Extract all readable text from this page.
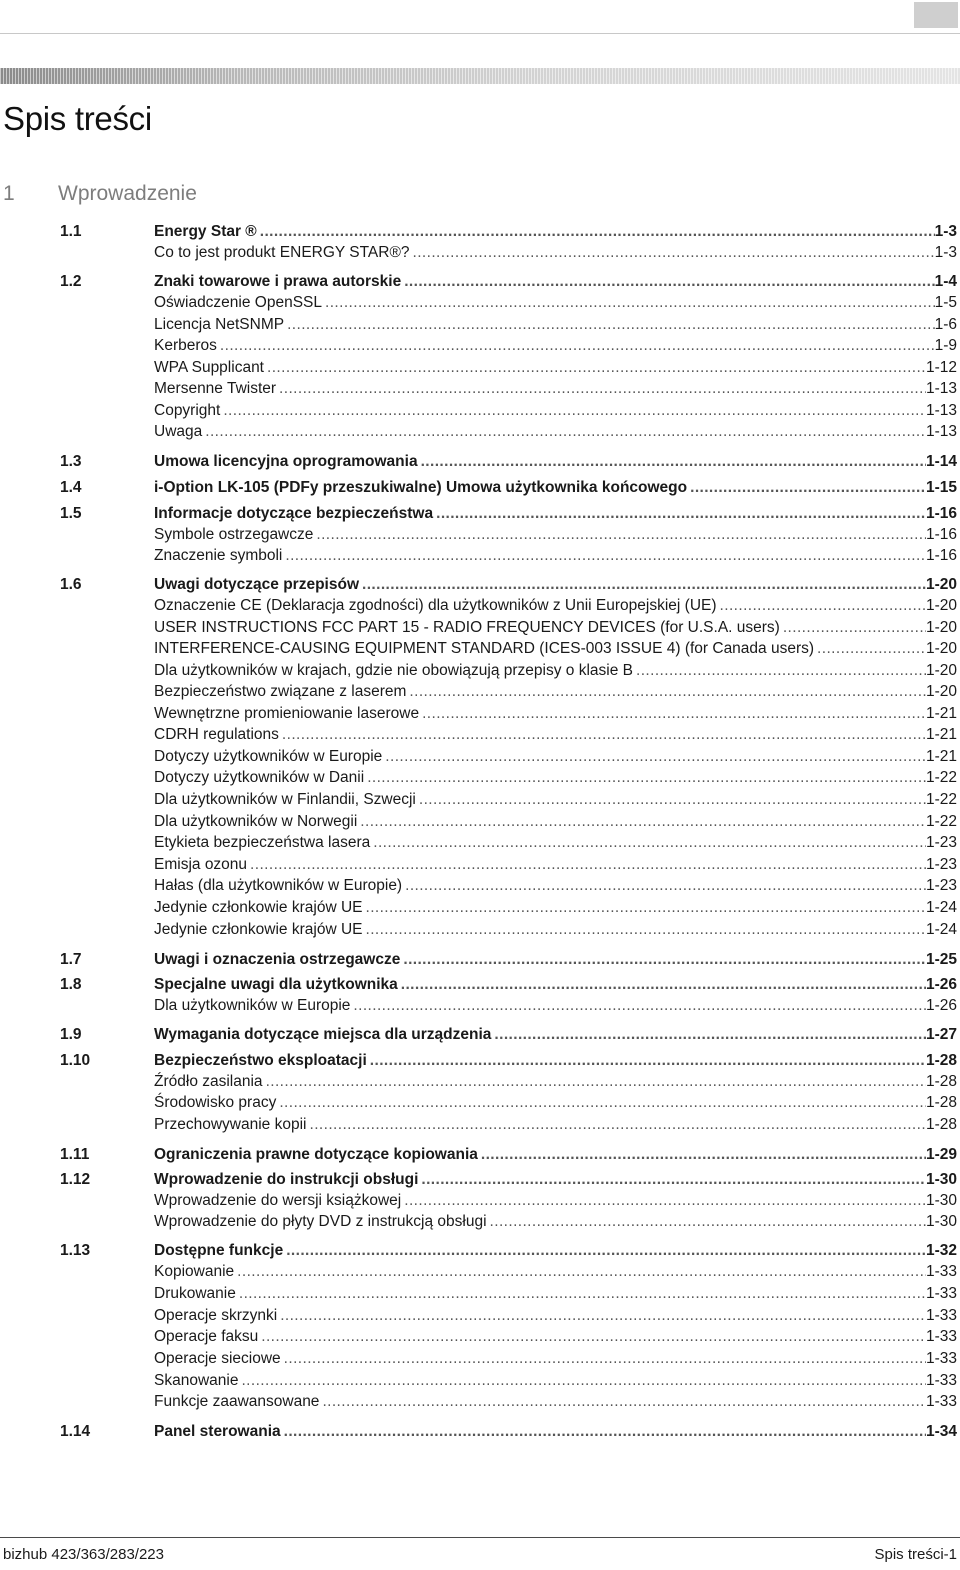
Spis treści
1 Wprowadzenie
1.1	Energy Star ® .....	1-3
Co to jest produkt ENERGY STAR®? .....	1-3
1.2	Znaki towarowe i prawa autorskie .....	1-4
Oświadczenie OpenSSL .....	1-5
Licencja NetSNMP .....	1-6
Kerberos .....	1-9
WPA Supplicant .....	1-12
Mersenne Twister .....	1-13
Copyright .....	1-13
Uwaga .....	1-13
1.3	Umowa licencyjna oprogramowania .....	1-14
1.4	i-Option LK-105 (PDFy przeszukiwalne) Umowa użytkownika końcowego .....	1-15
1.5	Informacje dotyczące bezpieczeństwa .....	1-16
Symbole ostrzegawcze .....	1-16
Znaczenie symboli .....	1-16
1.6	Uwagi dotyczące przepisów .....	1-20
Oznaczenie CE (Deklaracja zgodności) dla użytkowników z Unii Europejskiej (UE) .....	1-20
USER INSTRUCTIONS FCC PART 15 - RADIO FREQUENCY DEVICES (for U.S.A. users) .....	1-20
INTERFERENCE-CAUSING EQUIPMENT STANDARD (ICES-003 ISSUE 4) (for Canada users) .....	1-20
Dla użytkowników w krajach, gdzie nie obowiązują przepisy o klasie B .....	1-20
Bezpieczeństwo związane z laserem .....	1-20
Wewnętrzne promieniowanie laserowe .....	1-21
CDRH regulations .....	1-21
Dotyczy użytkowników w Europie .....	1-21
Dotyczy użytkowników w Danii .....	1-22
Dla użytkowników w Finlandii, Szwecji .....	1-22
Dla użytkowników w Norwegii .....	1-22
Etykieta bezpieczeństwa lasera .....	1-23
Emisja ozonu .....	1-23
Hałas (dla użytkowników w Europie) .....	1-23
Jedynie członkowie krajów UE .....	1-24
Jedynie członkowie krajów UE .....	1-24
1.7	Uwagi i oznaczenia ostrzegawcze .....	1-25
1.8	Specjalne uwagi dla użytkownika .....	1-26
Dla użytkowników w Europie .....	1-26
1.9	Wymagania dotyczące miejsca dla urządzenia .....	1-27
1.10	Bezpieczeństwo eksploatacji .....	1-28
Źródło zasilania .....	1-28
Środowisko pracy .....	1-28
Przechowywanie kopii .....	1-28
1.11	Ograniczenia prawne dotyczące kopiowania .....	1-29
1.12	Wprowadzenie do instrukcji obsługi .....	1-30
Wprowadzenie do wersji książkowej .....	1-30
Wprowadzenie do płyty DVD z instrukcją obsługi .....	1-30
1.13	Dostępne funkcje .....	1-32
Kopiowanie .....	1-33
Drukowanie .....	1-33
Operacje skrzynki .....	1-33
Operacje faksu .....	1-33
Operacje sieciowe .....	1-33
Skanowanie .....	1-33
Funkcje zaawansowane .....	1-33
1.14	Panel sterowania .....	1-34
bizhub 423/363/283/223	Spis treści-1
